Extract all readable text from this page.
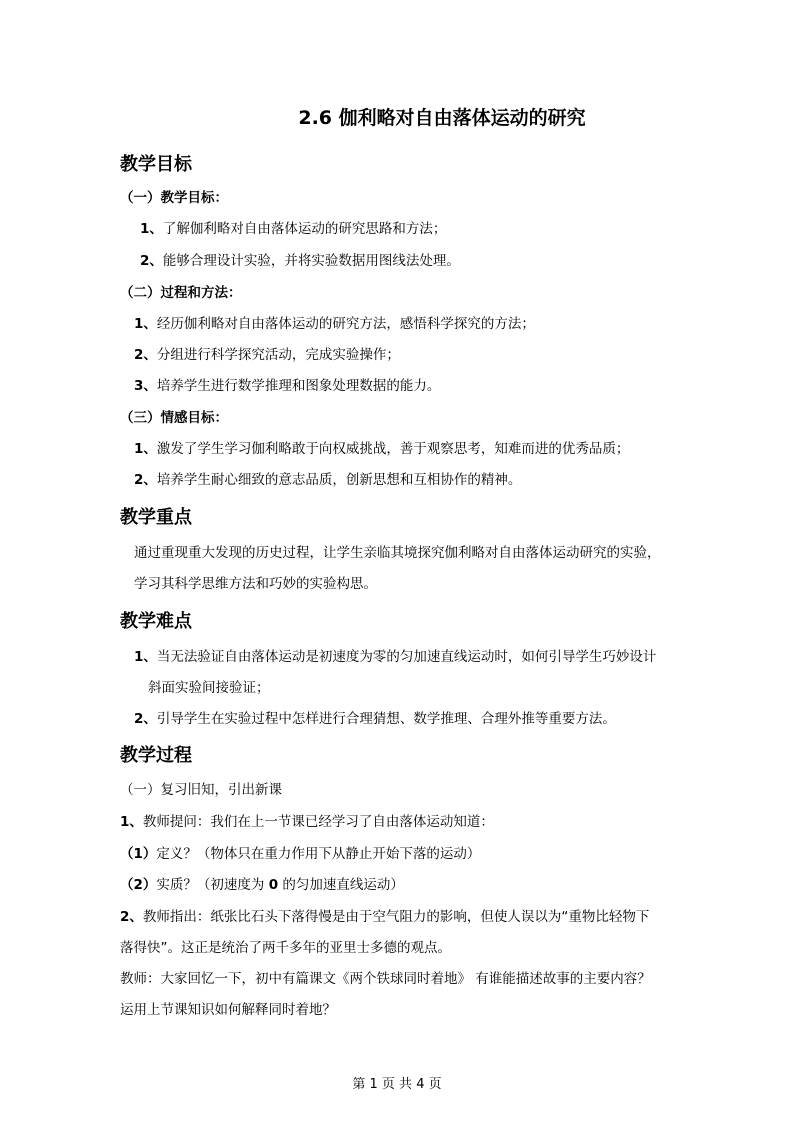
2.6 伽利略对自由落体运动的研究
教学目标
（一）教学目标：
1、了解伽利略对自由落体运动的研究思路和方法；
2、能够合理设计实验，并将实验数据用图线法处理。
（二）过程和方法：
1、经历伽利略对自由落体运动的研究方法，感悟科学探究的方法；
2、分组进行科学探究活动，完成实验操作；
3、培养学生进行数学推理和图象处理数据的能力。
（三）情感目标：
1、激发了学生学习伽利略敢于向权威挑战，善于观察思考，知难而进的优秀品质；
2、培养学生耐心细致的意志品质，创新思想和互相协作的精神。
教学重点
通过重现重大发现的历史过程，让学生亲临其境探究伽利略对自由落体运动研究的实验，
学习其科学思维方法和巧妙的实验构思。
教学难点
1、当无法验证自由落体运动是初速度为零的匀加速直线运动时，如何引导学生巧妙设计
斜面实验间接验证；
2、引导学生在实验过程中怎样进行合理猜想、数学推理、合理外推等重要方法。
教学过程
（一）复习旧知，引出新课
1、教师提问：我们在上一节课已经学习了自由落体运动知道：
（1）定义？（物体只在重力作用下从静止开始下落的运动）
（2）实质？（初速度为 0 的匀加速直线运动）
2、教师指出：纸张比石头下落得慢是由于空气阻力的影响，但使人误以为“重物比轻物下
落得快”。这正是统治了两千多年的亚里士多德的观点。
教师：大家回忆一下，初中有篇课文《两个铁球同时着地》 有谁能描述故事的主要内容？
运用上节课知识如何解释同时着地？
第 1 页 共 4 页
